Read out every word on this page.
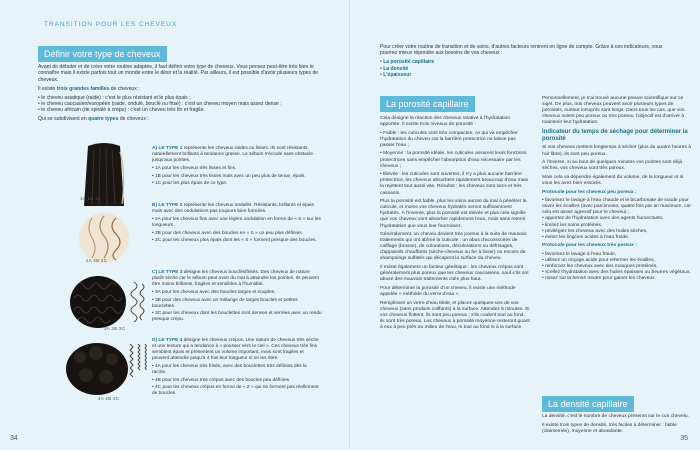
TRANSITION POUR LES CHEVEUX
Définir votre type de cheveux

Avant de débuter et de créer votre routine adaptée, il faut définir votre type de cheveux. Vous pensez peut-être très bien le connaître mais il existe parfois tout un monde entre le désir et la réalité. Par ailleurs, il est possible d'avoir plusieurs types de cheveux.

Il existe trois grandes familles de cheveux :

• le cheveu asiatique (raide) : c'est le plus résistant et le plus épais ;

• le cheveu caucasien/européen (raide, ondulé, bouclé ou frisé) : c'est un cheveu moyen mais assez dense ;

• le cheveu africain (de spiralé à crépu) : c'est un cheveu très fin et fragile.

Qui se subdivisent en quatre types de cheveux :

1A 1B 1C
2A 2B 2C
3A 3B 3C
4A 4B 4C

A) LE TYPE 1 représente les cheveux raides ou lisses. Ils sont résistants, naturellement brillants à tendance grasse. Le sébum s'écoule sans obstacle jusqu'aux pointes.

• 1A pour les cheveux très lisses et fins.

• 1B pour les cheveux très lisses mais avec un peu plus de tenue, épais.

• 1C pour les plus épais de ce type.

B) LE TYPE 2 représente les cheveux ondulés. Résistants, brillants et épais mais avec des ondulations pas toujours bien formées.

• 2A pour les cheveux fins avec une légère ondulation en forme de « S » sur les longueurs.

• 2B pour des cheveux avec des boucles en « S » un peu plus définies.

• 2C pour les cheveux plus épais dont les « S » forment presque des boucles.

C) LE TYPE 3 désigne les cheveux bouclés/frisés. Des cheveux de nature plutôt sèche car le sébum peut avoir du mal à atteindre les pointes. Ils peuvent être moins brillants, fragiles et sensibles à l'humidité.

• 3A pour les cheveux avec des boucles larges et souples.

• 3B pour des cheveux avec un mélange de larges boucles et petites bouclettes.

• 3C pour les cheveux dont les bouclettes sont denses et serrées avec un rendu presque crépu.

D) LE TYPE 4 désigne les cheveux crépus. Une nature de cheveux très sèche et une texture qui a tendance à « pousser vers le ciel ». Ces cheveux très fins semblent épais et présentent un volume important, mais sont fragiles et peuvent atteindre jusqu'à 4 fois leur longueur si on les étire.

• 4A pour les cheveux très frisés, avec des bouclettes très définies dès la racine.

• 4B pour les cheveux très crépus avec des boucles peu définies.

• 4C pour les cheveux crépus en forme de « Z » qui ne forment pas réellement de boucles.

34

Pour créer votre routine de transition et de soins, d'autres facteurs rentrent en ligne de compte. Grâce à ces indicateurs, vous pourrez mieux répondre aux besoins de vos cheveux :

• La porosité capillaire

• La densité

• L'épaisseur

La porosité capillaire

Cela désigne la réaction des cheveux relative à l'hydratation apportée. Il existe trois niveaux de porosité :

• Faible : les cuticules sont très compactes, ce qui va empêcher l'hydratation du cheveu car la barrière protectrice ne laisse pas passer l'eau ;

• Moyenne : la porosité idéale, les cuticules assurent leurs fonctions protectrices sans empêcher l'absorption d'eau nécessaire par les cheveux ;

• Élevée : les cuticules sont ouvertes, il n'y a plus aucune barrière protectrice, les cheveux absorbent rapidement beaucoup d'eau mais la rejettent tout aussi vite. Résultat : les cheveux sont secs et très cassants.

Plus la porosité est faible, plus les soins auront du mal à pénétrer la cuticule, et moins vos cheveux hydratés seront suffisamment hydratés. À l'inverse, plus la porosité est élevée et plus cela signifie que vos cheveux vont absorber rapidement l'eau, mais sans retenir l'hydratation que vous leur fournissez.

Généralement, un cheveu devient très poreux à la suite de mauvais traitements qui ont abîmé la cuticule : un abus d'accessoires de coiffage (brosse), de colorations, décolorations ou défrisages, d'appareils chauffants (sèche-cheveux ou fer à lisser) ou encore de shampoings sulfatés qui décapent la surface du cheveu.

Il existe également un facteur génétique : les cheveux crépus sont généralement plus poreux que les cheveux caucasiens, sauf s'ils ont abusé des mauvais traitements cités plus haut.

Pour déterminer la porosité d'un cheveu, il existe une méthode appelée « méthode du verre d'eau ».

Remplissez un verre d'eau tiède, et placez quelques-uns de vos cheveux (sans produits coiffants) à la surface. Attendez 5 minutes. Si vos cheveux flottent, ils sont peu poreux ; s'ils coulent tout au fond, ils sont très poreux. Les cheveux à porosité moyenne resteront quant à eux à peu près au milieu de l'eau, ni tout au fond ni à la surface.

Personnellement, je n'ai trouvé aucune preuve scientifique sur ce sujet. De plus, nos cheveux peuvent avoir plusieurs types de porosités, surtout lorsqu'ils sont longs. Dans tous les cas, que vos cheveux soient peu poreux ou très poreux, l'objectif est d'arriver à maintenir leur hydratation.

Indicateur du temps de séchage pour déterminer la porosité

Si vos cheveux mettent longtemps à sécher (plus de quatre heures à l'air libre), ils sont peu poreux.

À l'inverse, si au bout de quelques minutes vos pointes sont déjà sèches, vos cheveux sont très poreux.

Mais cela va dépendre également du volume, de la longueur et si vous les avez bien essorés.

Protocole pour les cheveux peu poreux :

• favorisez le lavage à l'eau chaude et le bicarbonate de soude pour ouvrir les écailles (avec parcimonie, quatre fois par an maximum, car cela est assez agressif pour le cheveu) ;

• apportez de l'hydratation avec des agents humectants,

• limitez les soins protéinés,

• privilégiez les cheveux avec des huiles sèches,

• évitez les lingcies acides à l'eau froide.

Protocole pour les cheveux très poreux :

• favorisez le lavage à l'eau froide,

• utilisez un rinçage acide pour refermer les écailles,

• renforcez les cheveux avec des masques protéinés,

• scellez l'hydratation avec des huiles épaisses ou beurres végétaux,

• misez sur la henné neutre pour gainer les cheveux.

La densité capillaire

La densité, c'est le nombre de cheveux présents sur le cuir chevelu.

Il existe trois types de densité, très faciles à déterminer : faible (clairsemée), moyenne et abondante.

35
